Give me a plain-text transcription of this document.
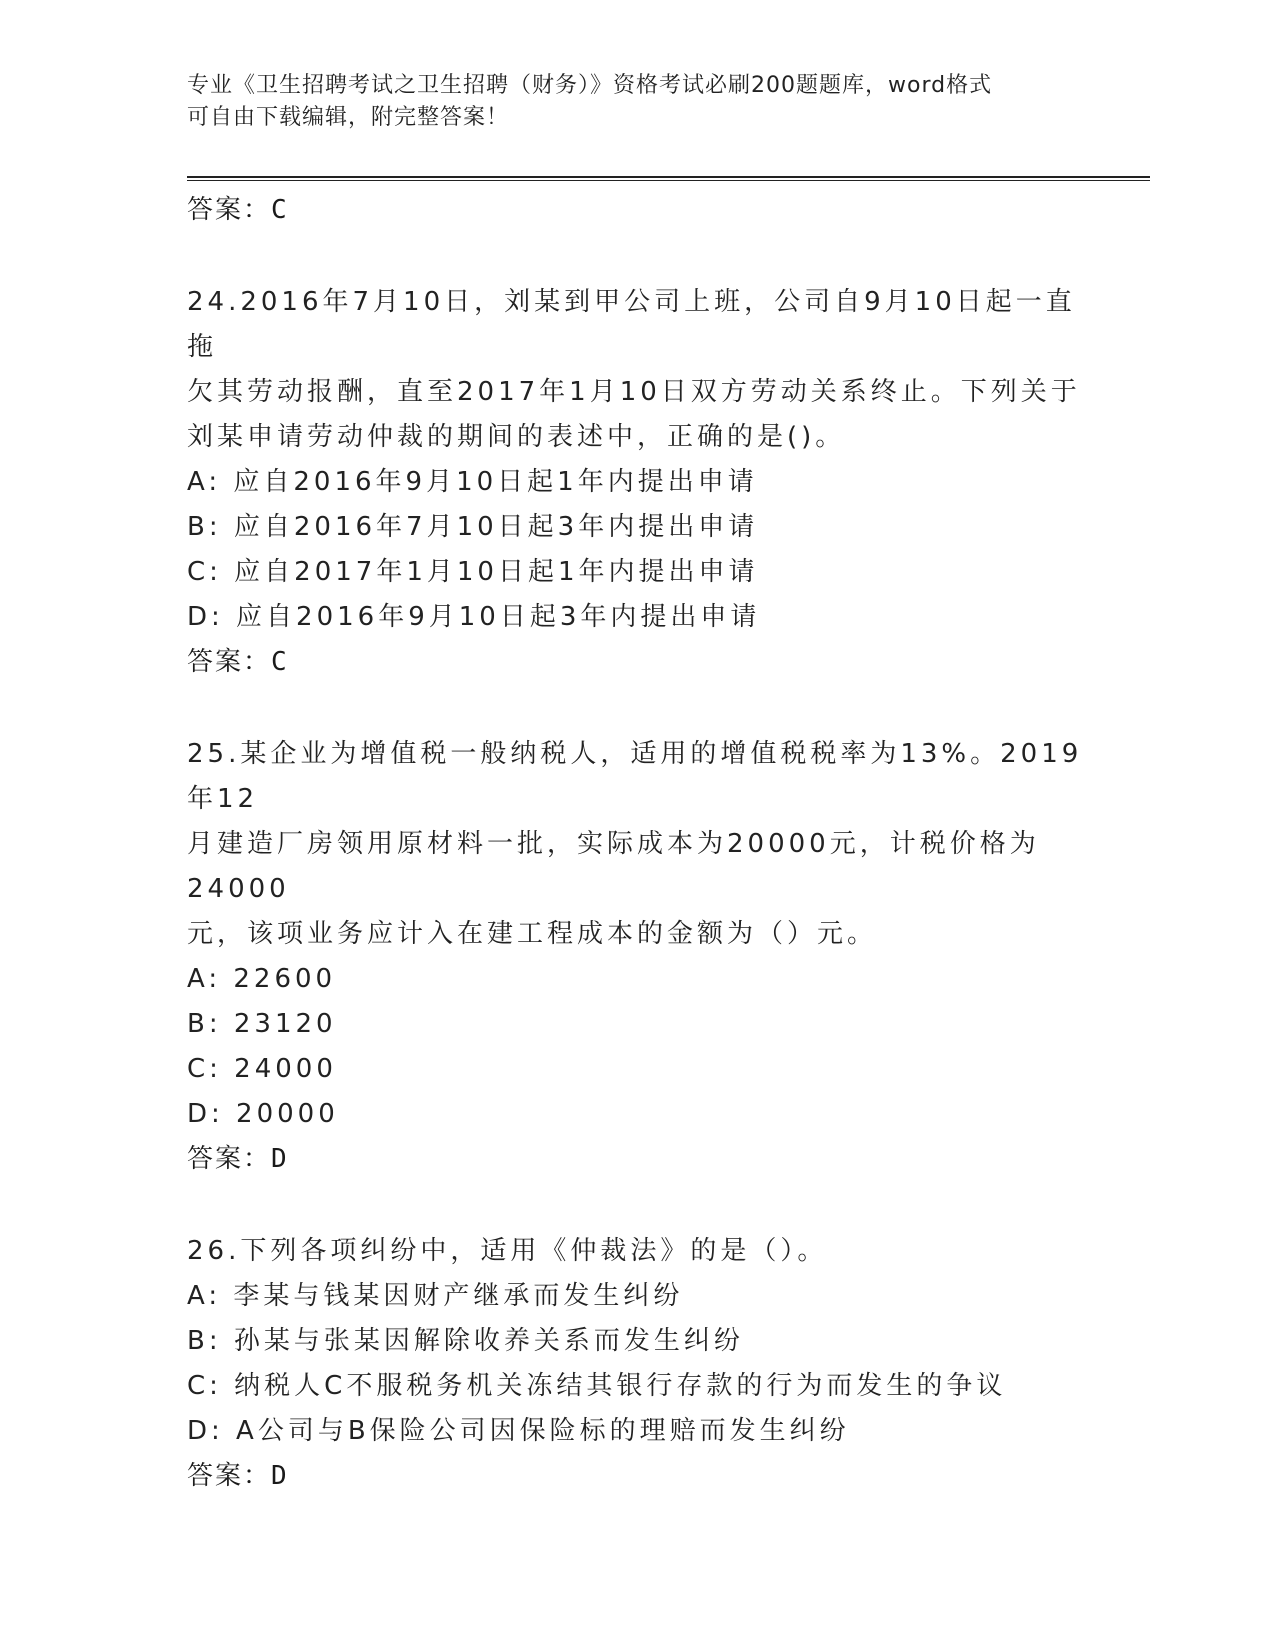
专业《卫生招聘考试之卫生招聘（财务）》资格考试必刷200题题库，word格式
可自由下载编辑，附完整答案！
答案：C
24.2016年7月10日，刘某到甲公司上班，公司自9月10日起一直拖
欠其劳动报酬，直至2017年1月10日双方劳动关系终止。下列关于
刘某申请劳动仲裁的期间的表述中，正确的是()。
A: 应自2016年9月10日起1年内提出申请
B: 应自2016年7月10日起3年内提出申请
C: 应自2017年1月10日起1年内提出申请
D: 应自2016年9月10日起3年内提出申请
答案：C
25.某企业为增值税一般纳税人，适用的增值税税率为13%。2019年12
月建造厂房领用原材料一批，实际成本为20000元，计税价格为24000
元，该项业务应计入在建工程成本的金额为（）元。
A: 22600
B: 23120
C: 24000
D: 20000
答案：D
26.下列各项纠纷中，适用《仲裁法》的是（）。
A: 李某与钱某因财产继承而发生纠纷
B: 孙某与张某因解除收养关系而发生纠纷
C: 纳税人C不服税务机关冻结其银行存款的行为而发生的争议
D: A公司与B保险公司因保险标的理赔而发生纠纷
答案：D
